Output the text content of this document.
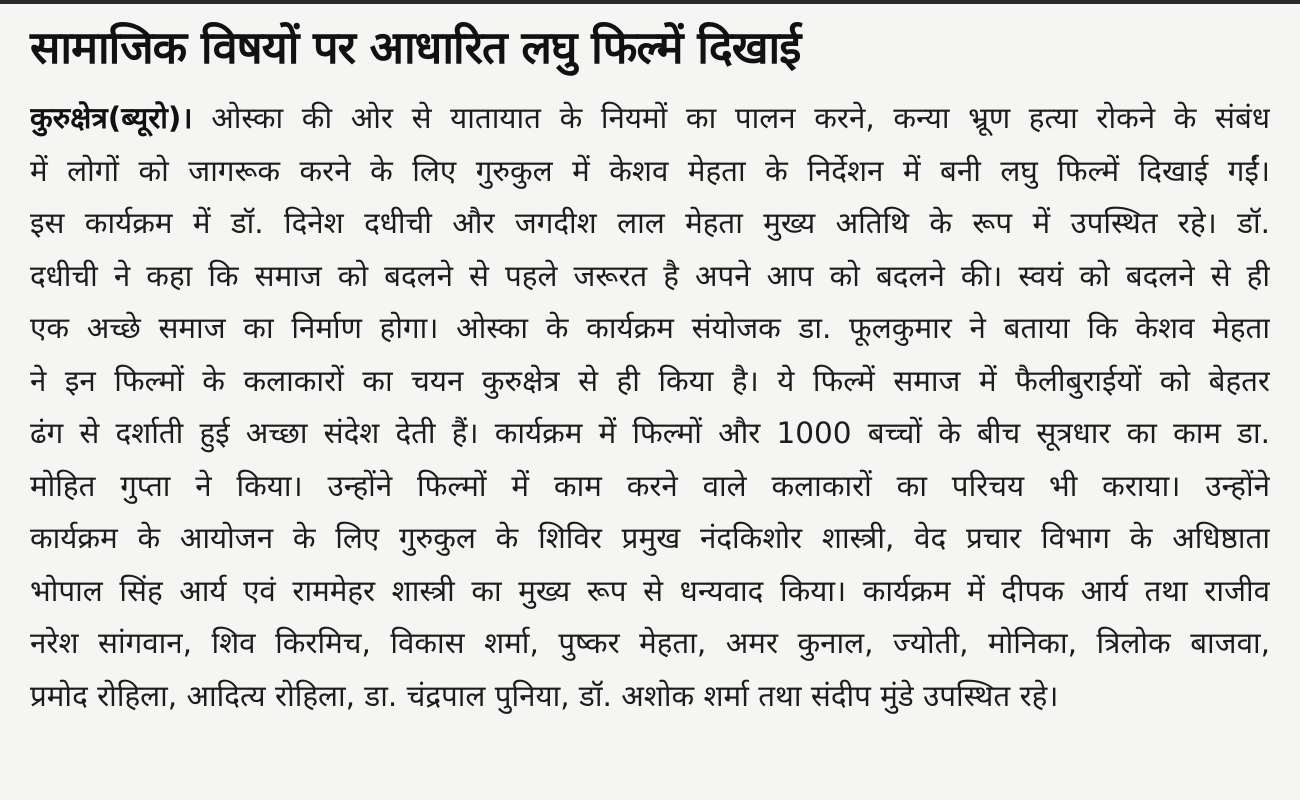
सामाजिक विषयों पर आधारित लघु फिल्में दिखाई
कुरुक्षेत्र(ब्यूरो)। ओस्का की ओर से यातायात के नियमों का पालन करने, कन्या भ्रूण हत्या रोकने के संबंध
में लोगों को जागरूक करने के लिए गुरुकुल में केशव मेहता के निर्देशन में बनी लघु फिल्में दिखाई गईं।
इस कार्यक्रम में डॉ. दिनेश दधीची और जगदीश लाल मेहता मुख्य अतिथि के रूप में उपस्थित रहे। डॉ.
दधीची ने कहा कि समाज को बदलने से पहले जरूरत है अपने आप को बदलने की। स्वयं को बदलने से ही
एक अच्छे समाज का निर्माण होगा। ओस्का के कार्यक्रम संयोजक डा. फूलकुमार ने बताया कि केशव मेहता
ने इन फिल्मों के कलाकारों का चयन कुरुक्षेत्र से ही किया है। ये फिल्में समाज में फैलीबुराईयों को बेहतर
ढंग से दर्शाती हुई अच्छा संदेश देती हैं। कार्यक्रम में फिल्मों और 1000 बच्चों के बीच सूत्रधार का काम डा.
मोहित गुप्ता ने किया। उन्होंने फिल्मों में काम करने वाले कलाकारों का परिचय भी कराया। उन्होंने
कार्यक्रम के आयोजन के लिए गुरुकुल के शिविर प्रमुख नंदकिशोर शास्त्री, वेद प्रचार विभाग के अधिष्ठाता
भोपाल सिंह आर्य एवं राममेहर शास्त्री का मुख्य रूप से धन्यवाद किया। कार्यक्रम में दीपक आर्य तथा राजीव
नरेश सांगवान, शिव किरमिच, विकास शर्मा, पुष्कर मेहता, अमर कुनाल, ज्योती, मोनिका, त्रिलोक बाजवा,
प्रमोद रोहिला, आदित्य रोहिला, डा. चंद्रपाल पुनिया, डॉ. अशोक शर्मा तथा संदीप मुंडे उपस्थित रहे।
